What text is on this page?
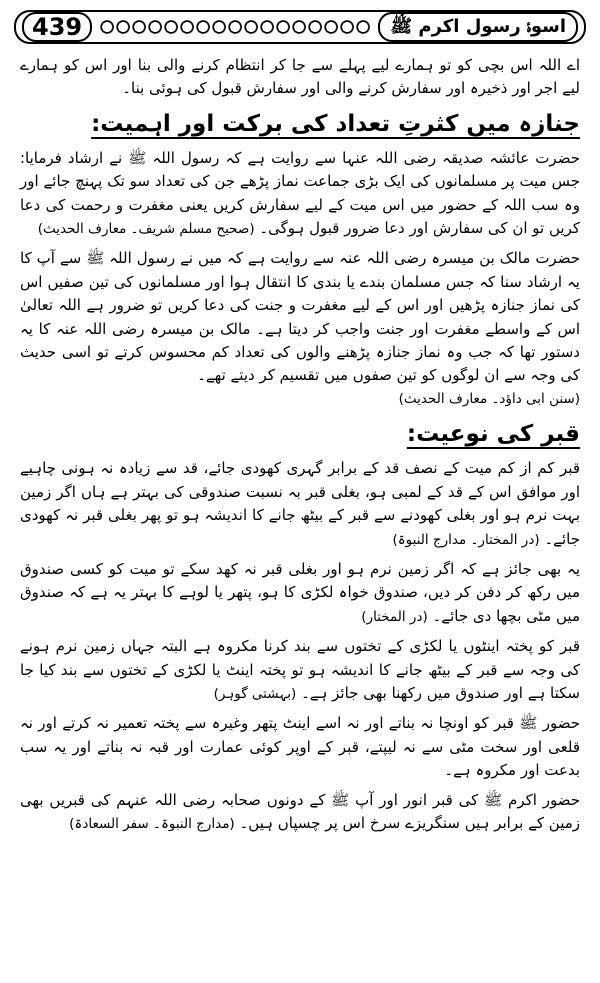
439	اسوۂ رسول اکرم ﷺ

اے اللہ اس بچی کو تو ہمارے لیے پہلے سے جا کر انتظام کرنے والی بنا اور اس کو ہمارے لیے اجر اور ذخیرہ اور سفارش کرنے والی اور سفارش قبول کی ہوئی بنا۔

جنازہ میں کثرتِ تعداد کی برکت اور اہمیت:

حضرت عائشہ صدیقہ رضی اللہ عنہا سے روایت ہے کہ رسول اللہ ﷺ نے ارشاد فرمایا: جس میت پر مسلمانوں کی ایک بڑی جماعت نماز پڑھے جن کی تعداد سو تک پہنچ جائے اور وہ سب اللہ کے حضور میں اس میت کے لیے سفارش کریں یعنی مغفرت و رحمت کی دعا کریں تو ان کی سفارش اور دعا ضرور قبول ہوگی۔ (صحیح مسلم شریف۔ معارف الحدیث)

حضرت مالک بن میسرہ رضی اللہ عنہ سے روایت ہے کہ میں نے رسول اللہ ﷺ سے آپ کا یہ ارشاد سنا کہ جس مسلمان بندے یا بندی کا انتقال ہوا اور مسلمانوں کی تین صفیں اس کی نماز جنازہ پڑھیں اور اس کے لیے مغفرت و جنت کی دعا کریں تو ضرور ہے اللہ تعالیٰ اس کے واسطے مغفرت اور جنت واجب کر دیتا ہے۔ مالک بن میسرہ رضی اللہ عنہ کا یہ دستور تھا کہ جب وہ نماز جنازہ پڑھنے والوں کی تعداد کم محسوس کرتے تو اسی حدیث کی وجہ سے ان لوگوں کو تین صفوں میں تقسیم کر دیتے تھے۔

(سنن ابی داؤد۔ معارف الحدیث)

قبر کی نوعیت:

قبر کم از کم میت کے نصف قد کے برابر گہری کھودی جائے، قد سے زیادہ نہ ہونی چاہیے اور موافق اس کے قد کے لمبی ہو، بغلی قبر بہ نسبت صندوقی کی بہتر ہے ہاں اگر زمین بہت نرم ہو اور بغلی کھودنے سے قبر کے بیٹھ جانے کا اندیشہ ہو تو پھر بغلی قبر نہ کھودی جائے۔ (در المختار۔ مدارج النبوۃ)

یہ بھی جائز ہے کہ اگر زمین نرم ہو اور بغلی قبر نہ کھد سکے تو میت کو کسی صندوق میں رکھ کر دفن کر دیں، صندوق خواہ لکڑی کا ہو، پتھر یا لوہے کا بہتر یہ ہے کہ صندوق میں مٹی بچھا دی جائے۔ (در المختار)

قبر کو پختہ اینٹوں یا لکڑی کے تختوں سے بند کرنا مکروہ ہے البتہ جہاں زمین نرم ہونے کی وجہ سے قبر کے بیٹھ جانے کا اندیشہ ہو تو پختہ اینٹ یا لکڑی کے تختوں سے بند کیا جا سکتا ہے اور صندوق میں رکھنا بھی جائز ہے۔ (بہشتی گوہر)

حضور ﷺ قبر کو اونچا نہ بناتے اور نہ اسے اینٹ پتھر وغیرہ سے پختہ تعمیر نہ کرتے اور نہ قلعی اور سخت مٹی سے نہ لیپتے، قبر کے اوپر کوئی عمارت اور قبہ نہ بناتے اور یہ سب بدعت اور مکروہ ہے۔

حضور اکرم ﷺ کی قبر انور اور آپ ﷺ کے دونوں صحابہ رضی اللہ عنہم کی قبریں بھی زمین کے برابر ہیں سنگریزے سرخ اس پر چسپاں ہیں۔ (مدارج النبوۃ۔ سفر السعادۃ)
